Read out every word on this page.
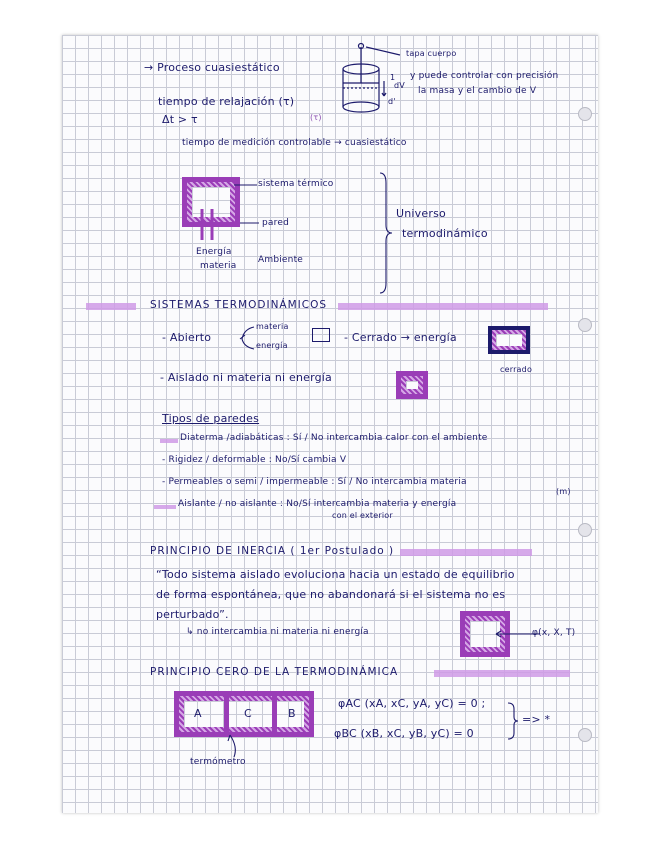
→ Proceso cuasiestático
tapa cuerpo
1
dV
d'
y puede controlar con precisión
la masa y el cambio de V
(τ)
tiempo de relajación (τ)
Δt > τ
tiempo de medición controlable → cuasiestático
sistema térmico
pared
Energía
materia
Ambiente
Universo
termodinámico
SISTEMAS TERMODINÁMICOS
- Abierto
materia
energía
- Cerrado → energía
cerrado
- Aislado ni materia ni energía
Tipos de paredes
Diaterma /adiabáticas : Sí / No intercambia calor con el ambiente
- Rigidez / deformable : No/Sí cambia V
- Permeables o semi / impermeable : Sí / No intercambia materia
(m)
Aislante / no aislante : No/Sí intercambia materia y energía
con el exterior
PRINCIPIO DE INERCIA ( 1er Postulado )
“Todo sistema aislado evoluciona hacia un estado de equilibrio
de forma espontánea, que no abandonará si el sistema no es
perturbado”.
↳ no intercambia ni materia ni energía	φ(x, X, T)
PRINCIPIO CERO DE LA TERMODINÁMICA
A	C	B
termómetro
φAC (xA, xC, yA, yC) = 0 ;
φBC (xB, xC, yB, yC) = 0
=> *
